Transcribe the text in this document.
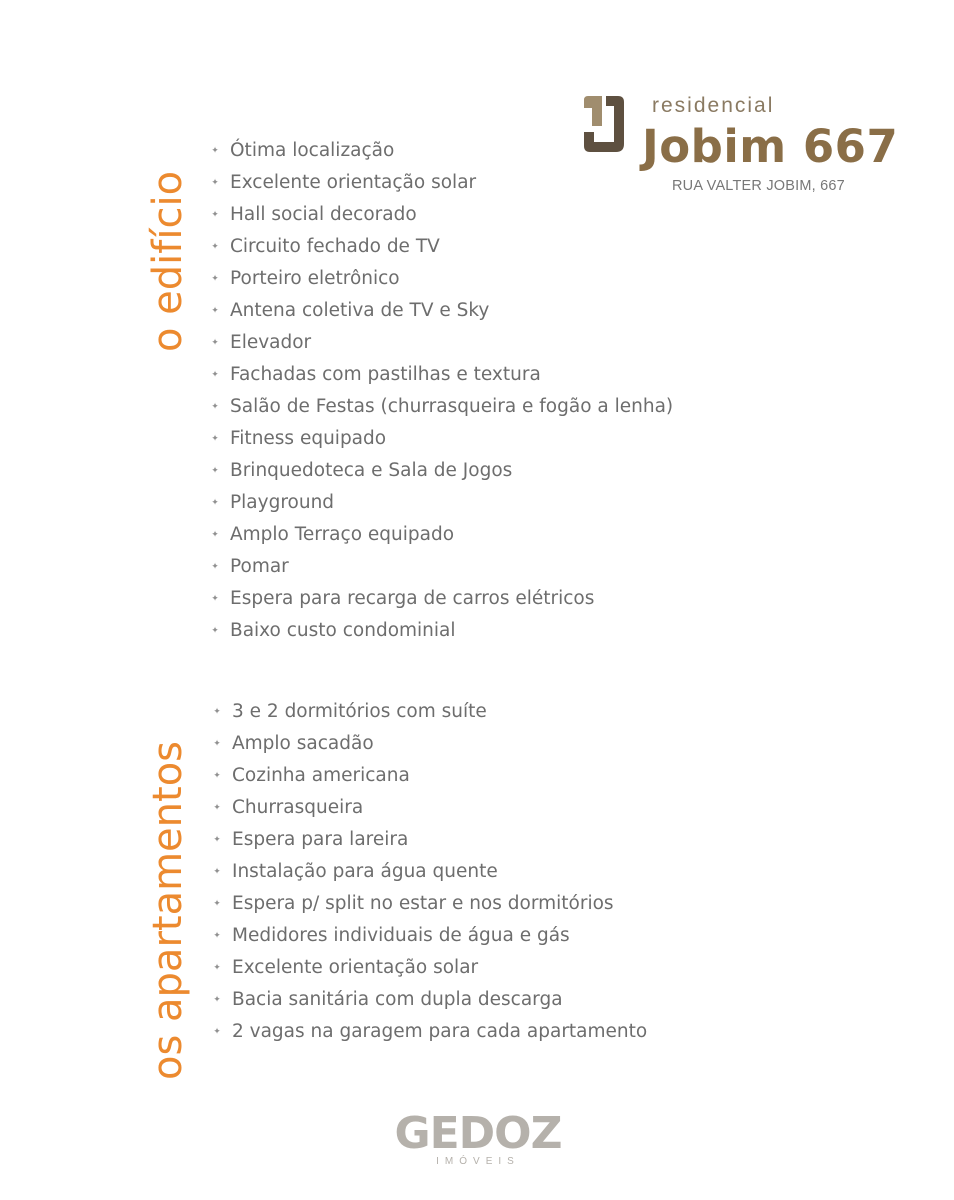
residencial
Jobim 667
RUA VALTER JOBIM, 667
o edifício
✦ Ótima localização
✦ Excelente orientação solar
✦ Hall social decorado
✦ Circuito fechado de TV
✦ Porteiro eletrônico
✦ Antena coletiva de TV e Sky
✦ Elevador
✦ Fachadas com pastilhas e textura
✦ Salão de Festas (churrasqueira e fogão a lenha)
✦ Fitness equipado
✦ Brinquedoteca e Sala de Jogos
✦ Playground
✦ Amplo Terraço equipado
✦ Pomar
✦ Espera para recarga de carros elétricos
✦ Baixo custo condominial
os apartamentos
✦ 3 e 2 dormitórios com suíte
✦ Amplo sacadão
✦ Cozinha americana
✦ Churrasqueira
✦ Espera para lareira
✦ Instalação para água quente
✦ Espera p/ split no estar e nos dormitórios
✦ Medidores individuais de água e gás
✦ Excelente orientação solar
✦ Bacia sanitária com dupla descarga
✦ 2 vagas na garagem para cada apartamento
GEDOZ
IMÓVEIS
